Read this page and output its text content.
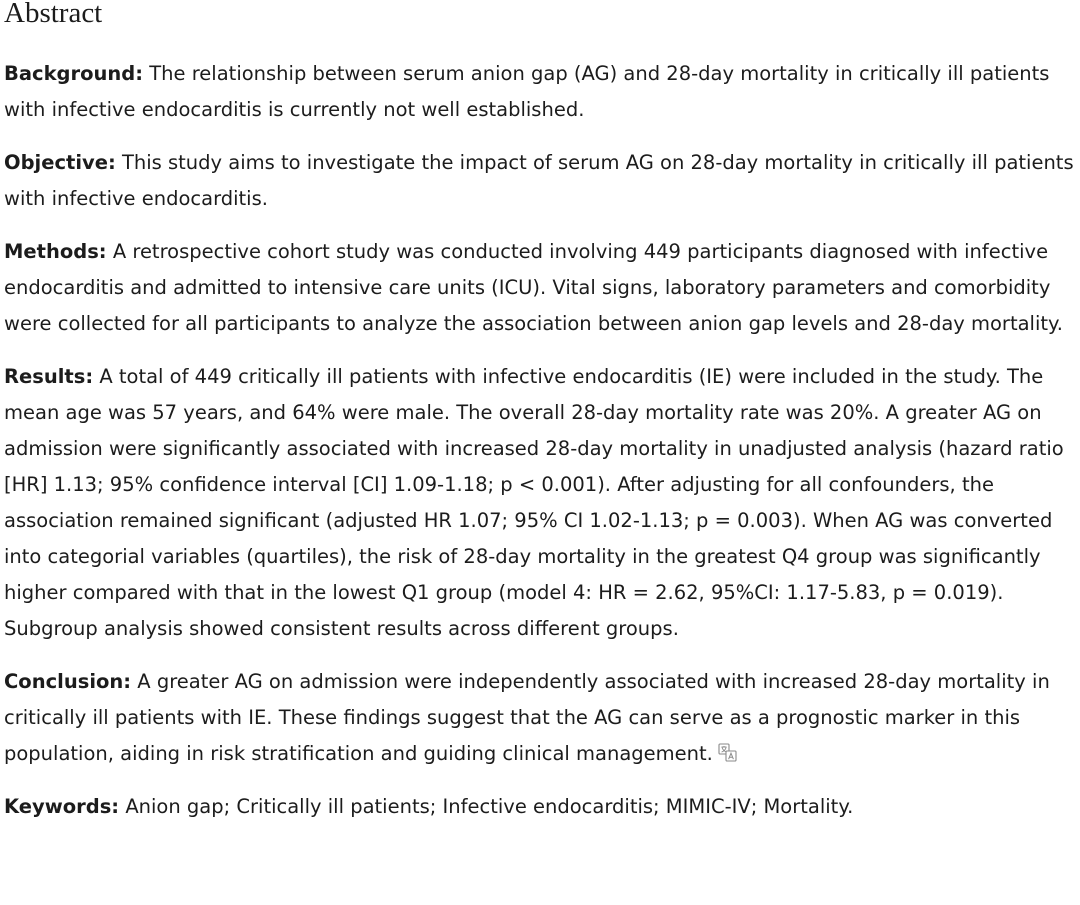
Abstract

Background: The relationship between serum anion gap (AG) and 28-day mortality in critically ill patients with infective endocarditis is currently not well established.

Objective: This study aims to investigate the impact of serum AG on 28-day mortality in critically ill patients with infective endocarditis.

Methods: A retrospective cohort study was conducted involving 449 participants diagnosed with infective endocarditis and admitted to intensive care units (ICU). Vital signs, laboratory parameters and comorbidity were collected for all participants to analyze the association between anion gap levels and 28-day mortality.

Results: A total of 449 critically ill patients with infective endocarditis (IE) were included in the study. The mean age was 57 years, and 64% were male. The overall 28-day mortality rate was 20%. A greater AG on admission were significantly associated with increased 28-day mortality in unadjusted analysis (hazard ratio [HR] 1.13; 95% confidence interval [CI] 1.09-1.18; p < 0.001). After adjusting for all confounders, the association remained significant (adjusted HR 1.07; 95% CI 1.02-1.13; p = 0.003). When AG was converted into categorial variables (quartiles), the risk of 28-day mortality in the greatest Q4 group was significantly higher compared with that in the lowest Q1 group (model 4: HR = 2.62, 95%CI: 1.17-5.83, p = 0.019). Subgroup analysis showed consistent results across different groups.

Conclusion: A greater AG on admission were independently associated with increased 28-day mortality in critically ill patients with IE. These findings suggest that the AG can serve as a prognostic marker in this population, aiding in risk stratification and guiding clinical management.

Keywords: Anion gap; Critically ill patients; Infective endocarditis; MIMIC-IV; Mortality.
